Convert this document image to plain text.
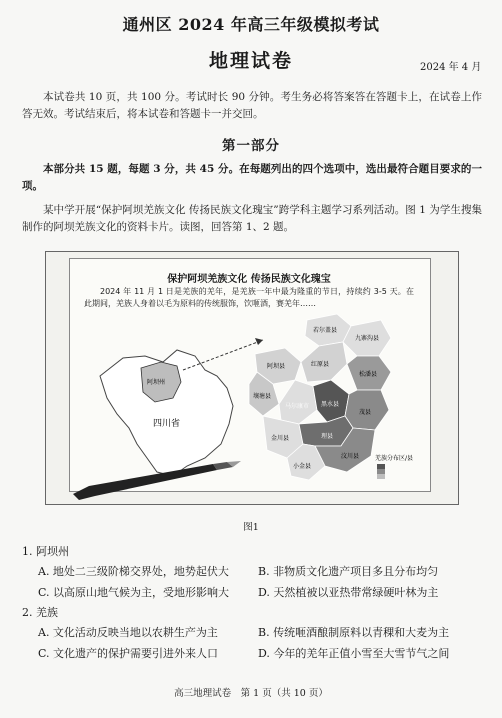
通州区 2024 年高三年级模拟考试
地理试卷	2024 年 4 月
本试卷共 10 页，共 100 分。考试时长 90 分钟。考生务必将答案答在答题卡上，在试卷上作答无效。考试结束后，将本试卷和答题卡一并交回。
第一部分
本部分共 15 题，每题 3 分，共 45 分。在每题列出的四个选项中，选出最符合题目要求的一项。
某中学开展“保护阿坝羌族文化 传扬民族文化瑰宝”跨学科主题学习系列活动。图 1 为学生搜集制作的阿坝羌族文化的资料卡片。读图，回答第 1、2 题。
保护阿坝羌族文化 传扬民族文化瑰宝
2024 年 11 月 1 日是羌族的羌年，是羌族一年中最为隆重的节日，持续约 3-5 天。在此期间，羌族人身着以毛为原料的传统服饰，饮咂酒，赛羌年……
若尔盖县
九寨沟县
红原县
阿坝县
松潘县
壤塘县
马尔康市 黑水县
茂县
金川县	理县
汶川县
小金县
四川省
阿坝州
羌族分布区/县
图1
1. 阿坝州
A. 地处二三级阶梯交界处，地势起伏大	B. 非物质文化遗产项目多且分布均匀
C. 以高原山地气候为主，受地形影响大	D. 天然植被以亚热带常绿硬叶林为主
2. 羌族
A. 文化活动反映当地以农耕生产为主	B. 传统咂酒酿制原料以青稞和大麦为主
C. 文化遗产的保护需要引进外来人口	D. 今年的羌年正值小雪至大雪节气之间
高三地理试卷　第 1 页（共 10 页）
